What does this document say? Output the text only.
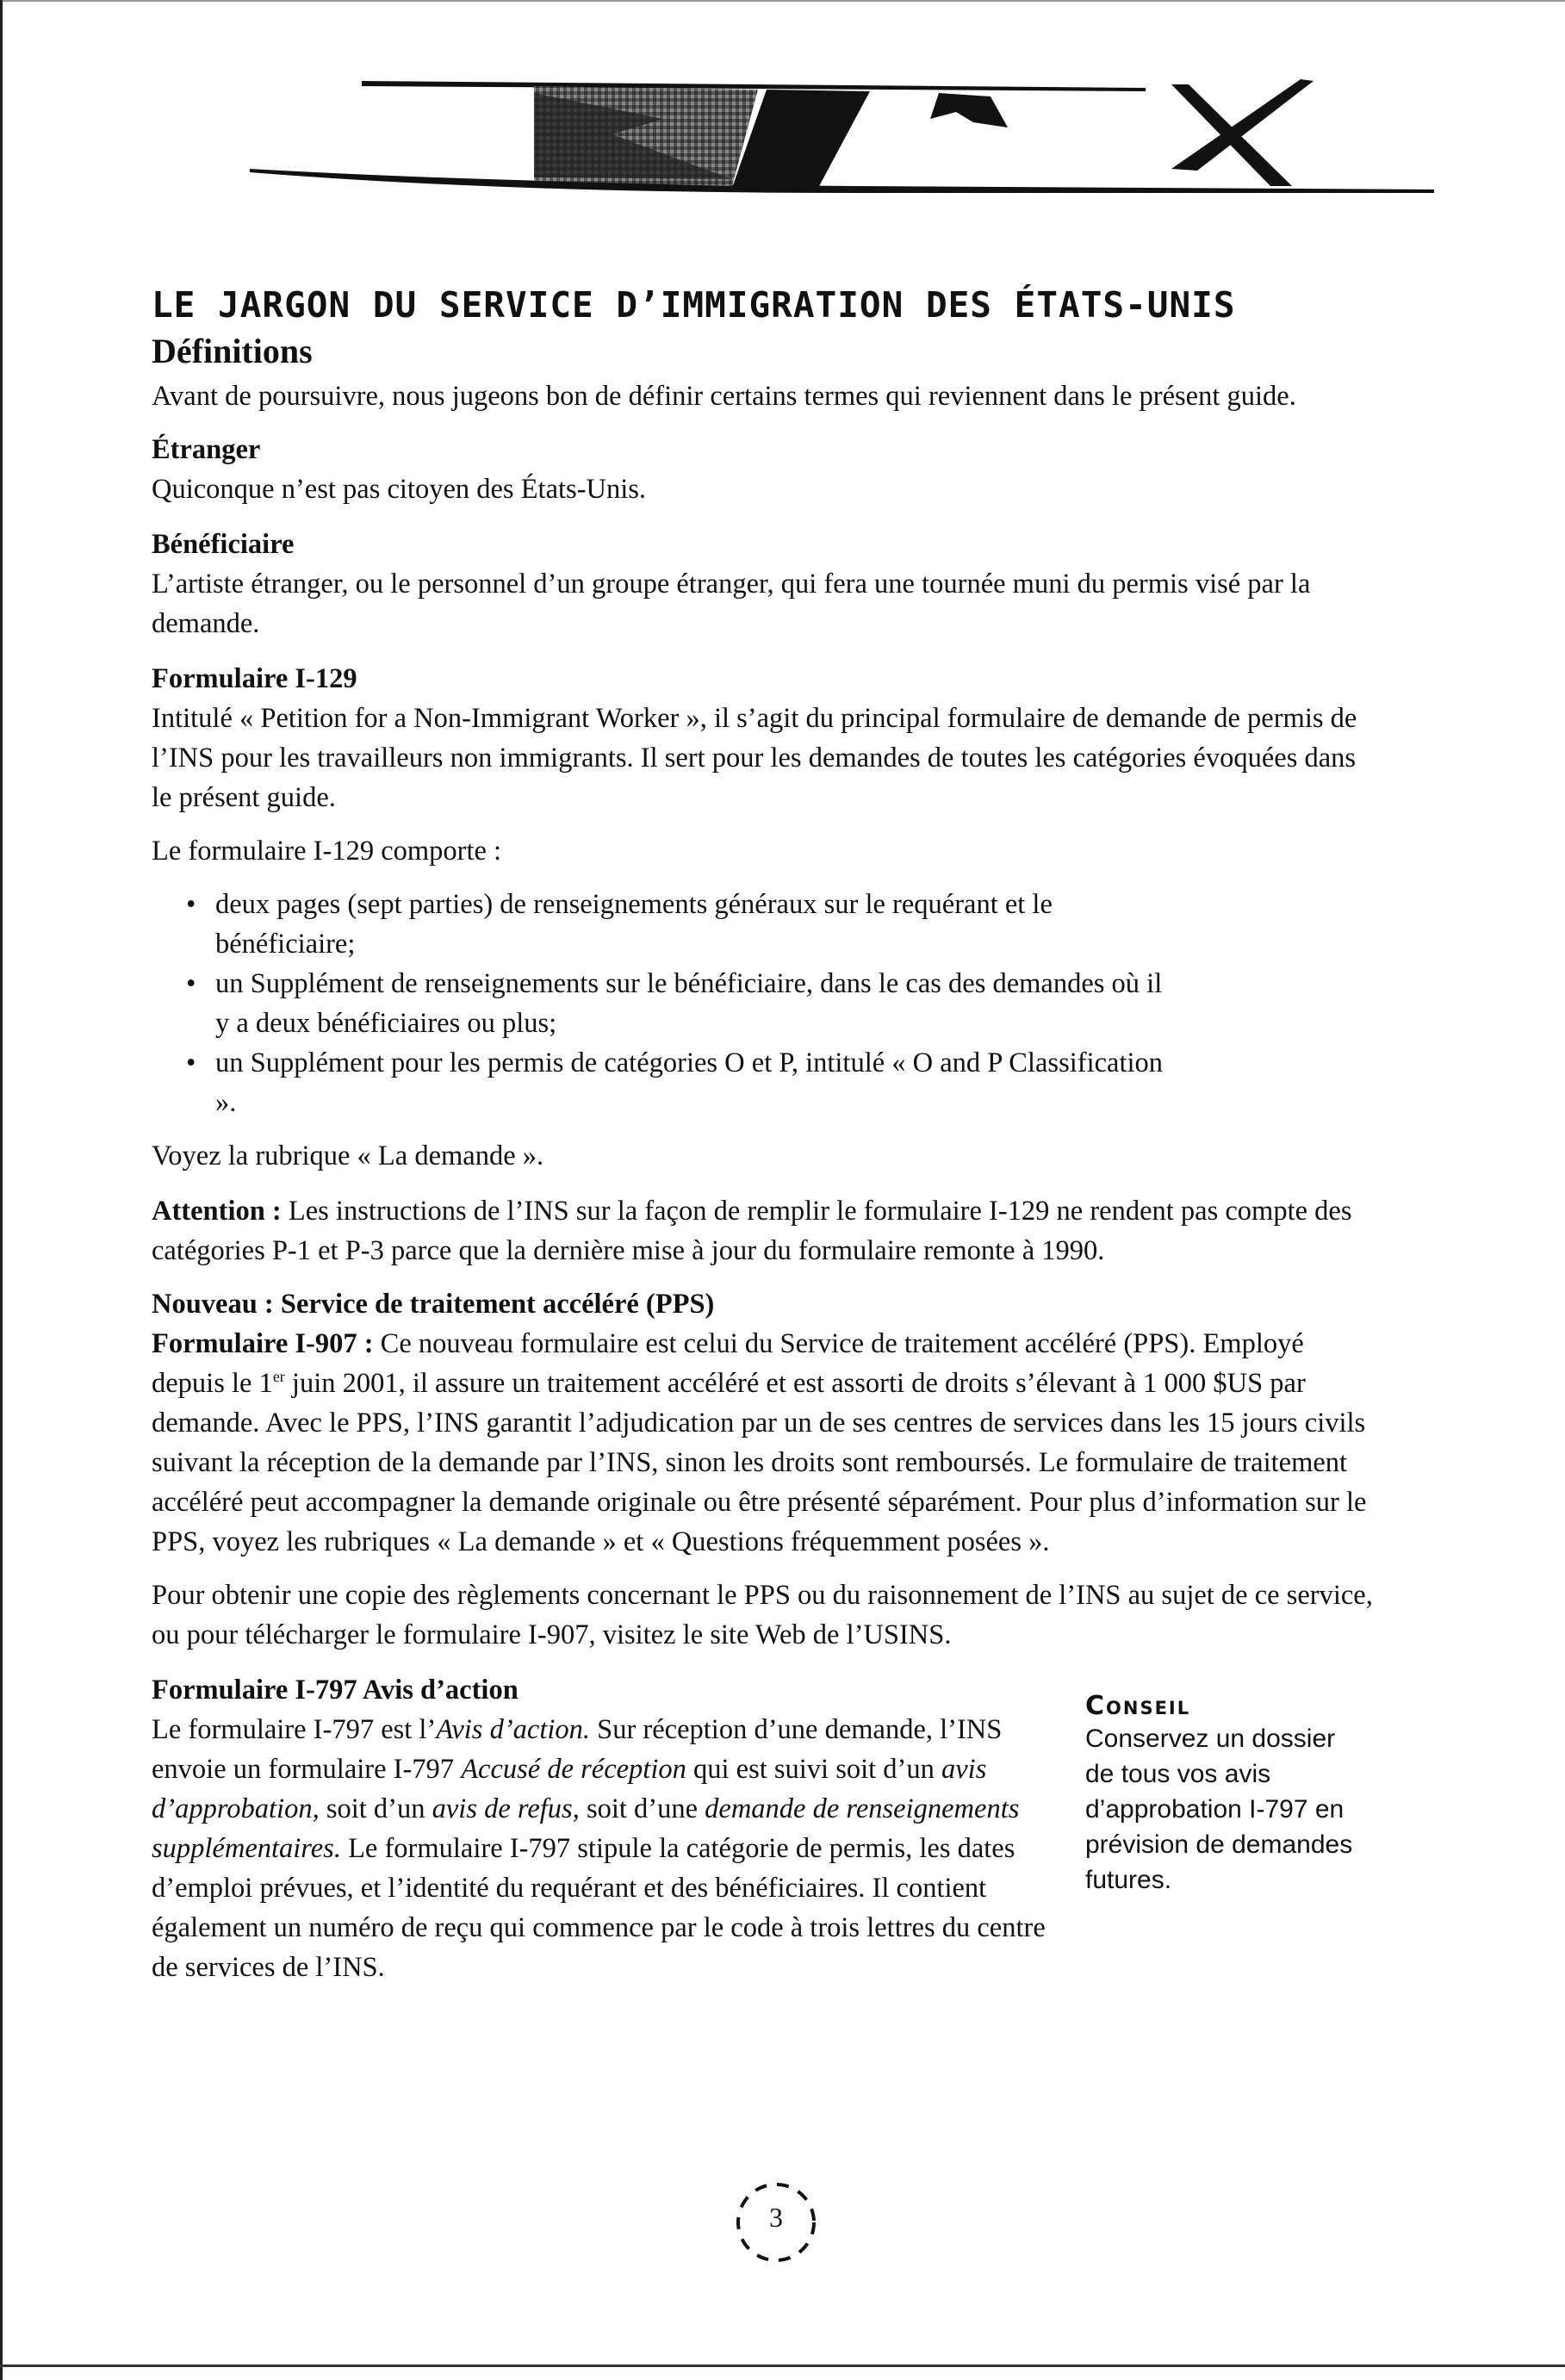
LE JARGON DU SERVICE D’IMMIGRATION DES ÉTATS-UNIS
Définitions

Avant de poursuivre, nous jugeons bon de définir certains termes qui reviennent dans le présent guide.

Étranger

Quiconque n’est pas citoyen des États-Unis.

Bénéficiaire

L’artiste étranger, ou le personnel d’un groupe étranger, qui fera une tournée muni du permis visé par la demande.

Formulaire I-129

Intitulé « Petition for a Non-Immigrant Worker », il s’agit du principal formulaire de demande de permis de l’INS pour les travailleurs non immigrants. Il sert pour les demandes de toutes les catégories évoquées dans le présent guide.

Le formulaire I-129 comporte :

• deux pages (sept parties) de renseignements généraux sur le requérant et le bénéficiaire;
• un Supplément de renseignements sur le bénéficiaire, dans le cas des demandes où il y a deux bénéficiaires ou plus;
• un Supplément pour les permis de catégories O et P, intitulé « O and P Classification ».

Voyez la rubrique « La demande ».

Attention : Les instructions de l’INS sur la façon de remplir le formulaire I-129 ne rendent pas compte des catégories P-1 et P-3 parce que la dernière mise à jour du formulaire remonte à 1990.

Nouveau : Service de traitement accéléré (PPS)

Formulaire I-907 : Ce nouveau formulaire est celui du Service de traitement accéléré (PPS). Employé depuis le 1er juin 2001, il assure un traitement accéléré et est assorti de droits s’élevant à 1 000 $US par demande. Avec le PPS, l’INS garantit l’adjudication par un de ses centres de services dans les 15 jours civils suivant la réception de la demande par l’INS, sinon les droits sont remboursés. Le formulaire de traitement accéléré peut accompagner la demande originale ou être présenté séparément. Pour plus d’information sur le PPS, voyez les rubriques « La demande » et « Questions fréquemment posées ».

Pour obtenir une copie des règlements concernant le PPS ou du raisonnement de l’INS au sujet de ce service, ou pour télécharger le formulaire I-907, visitez le site Web de l’USINS.

Formulaire I-797 Avis d’action

Le formulaire I-797 est l’Avis d’action. Sur réception d’une demande, l’INS envoie un formulaire I-797 Accusé de réception qui est suivi soit d’un avis d’approbation, soit d’un avis de refus, soit d’une demande de renseignements supplémentaires. Le formulaire I-797 stipule la catégorie de permis, les dates d’emploi prévues, et l’identité du requérant et des bénéficiaires. Il contient également un numéro de reçu qui commence par le code à trois lettres du centre de services de l’INS.

Conseil

Conservez un dossier de tous vos avis d’approbation I-797 en prévision de demandes futures.

3
